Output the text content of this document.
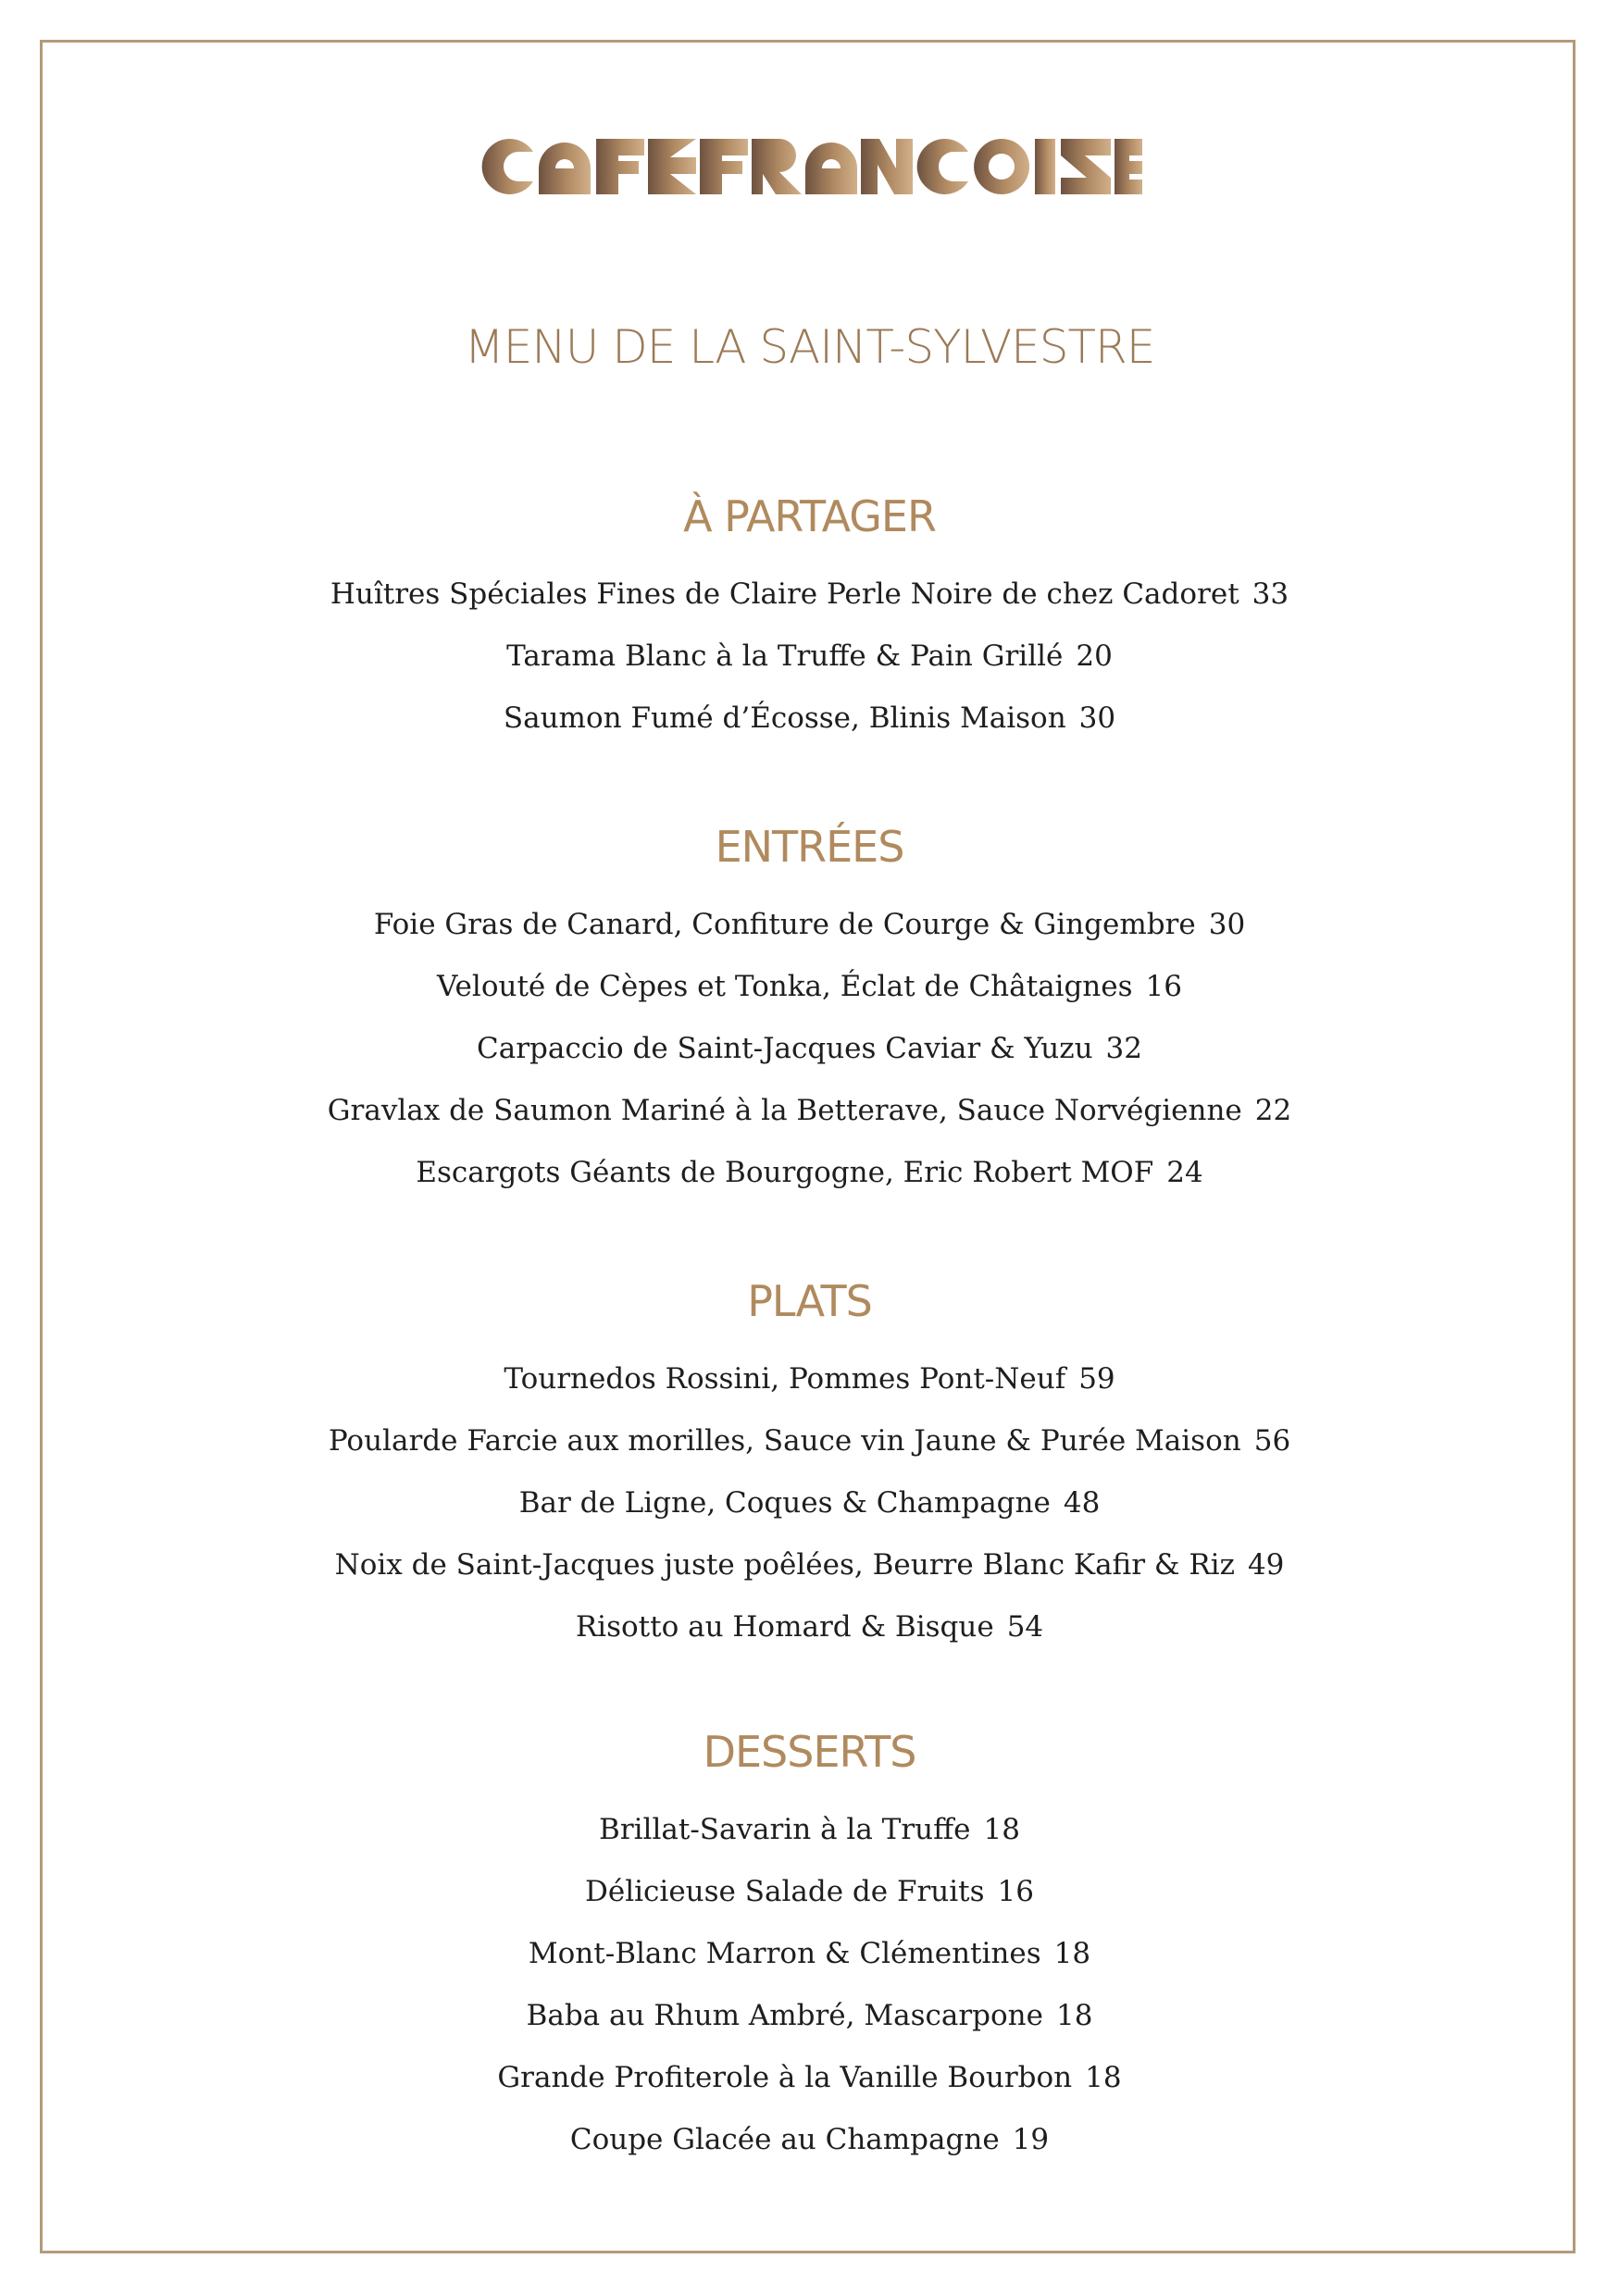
MENU DE LA SAINT-SYLVESTRE
À PARTAGER
Huîtres Spéciales Fines de Claire Perle Noire de chez Cadoret 33
Tarama Blanc à la Truffe & Pain Grillé 20
Saumon Fumé d’Écosse, Blinis Maison 30
ENTRÉES
Foie Gras de Canard, Confiture de Courge & Gingembre 30
Velouté de Cèpes et Tonka, Éclat de Châtaignes 16
Carpaccio de Saint-Jacques Caviar & Yuzu 32
Gravlax de Saumon Mariné à la Betterave, Sauce Norvégienne 22
Escargots Géants de Bourgogne, Eric Robert MOF 24
PLATS
Tournedos Rossini, Pommes Pont-Neuf 59
Poularde Farcie aux morilles, Sauce vin Jaune & Purée Maison 56
Bar de Ligne, Coques & Champagne 48
Noix de Saint-Jacques juste poêlées, Beurre Blanc Kafir & Riz 49
Risotto au Homard & Bisque 54
DESSERTS
Brillat-Savarin à la Truffe 18
Délicieuse Salade de Fruits 16
Mont-Blanc Marron & Clémentines 18
Baba au Rhum Ambré, Mascarpone 18
Grande Profiterole à la Vanille Bourbon 18
Coupe Glacée au Champagne 19
